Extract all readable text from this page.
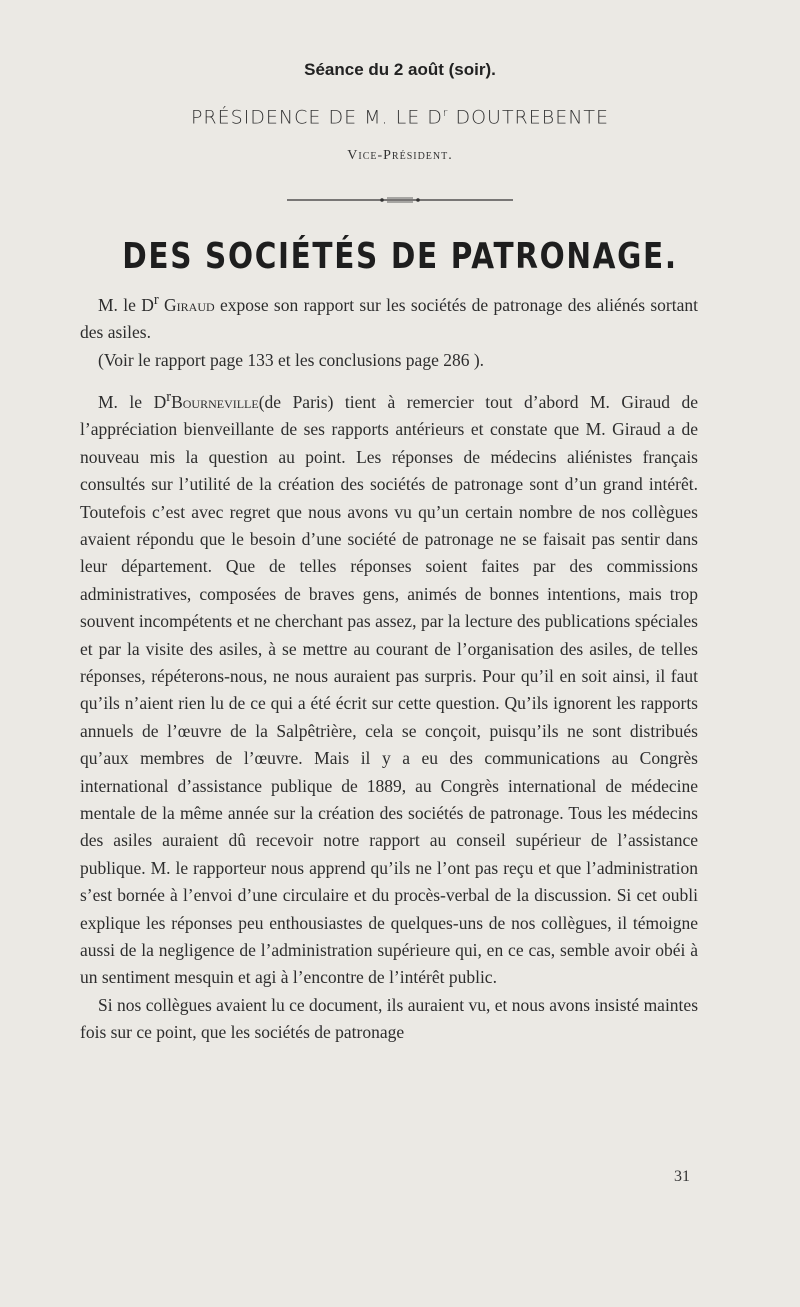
Séance du 2 août (soir).
PRÉSIDENCE DE M. LE $D^r$ DOUTREBENTE
Vice-Président.
DES SOCIÉTÉS DE PATRONAGE.

M. le $D^r$ Giraud expose son rapport sur les sociétés de patronage des aliénés sortant des asiles.

(Voir le rapport page 133 et les conclusions page 286 ).

M. le $D^rBourneville(de$ Paris) tient à remercier tout d’abord M. Giraud de l’appréciation bienveillante de ses rapports antérieurs et constate que M. Giraud a de nouveau mis la question au point. Les réponses de médecins aliénistes français consultés sur l’utilité de la création des sociétés de patronage sont d’un grand intérêt. Toutefois c’est avec regret que nous avons vu qu’un certain nombre de nos collègues avaient répondu que le besoin d’une société de patronage ne se faisait pas sentir dans leur département. Que de telles réponses soient faites par des commissions administratives, composées de braves gens, animés de bonnes intentions, mais trop souvent incompétents et ne cherchant pas assez, par la lecture des publications spéciales et par la visite des asiles, à se mettre au courant de l’organisation des asiles, de telles réponses, répéterons-nous, ne nous auraient pas surpris. Pour qu’il en soit ainsi, il faut qu’ils n’aient rien lu de ce qui a été écrit sur cette question. Qu’ils ignorent les rapports annuels de l’œuvre de la Salpêtrière, cela se conçoit, puisqu’ils ne sont distribués qu’aux membres de l’œuvre. Mais il y a eu des communications au Congrès international d’assistance publique de 1889, au Congrès international de médecine mentale de la même année sur la création des sociétés de patronage. Tous les médecins des asiles auraient dû recevoir notre rapport au conseil supérieur de l’assistance publique. M. le rapporteur nous apprend qu’ils ne l’ont pas reçu et que l’administration s’est bornée à l’envoi d’une circulaire et du procès-verbal de la discussion. Si cet oubli explique les réponses peu enthousiastes de quelques-uns de nos collègues, il témoigne aussi de la negligence de l’administration supérieure qui, en ce cas, semble avoir obéi à un sentiment mesquin et agi à l’encontre de l’intérêt public.

Si nos collègues avaient lu ce document, ils auraient vu, et nous avons insisté maintes fois sur ce point, que les sociétés de patronage

31
